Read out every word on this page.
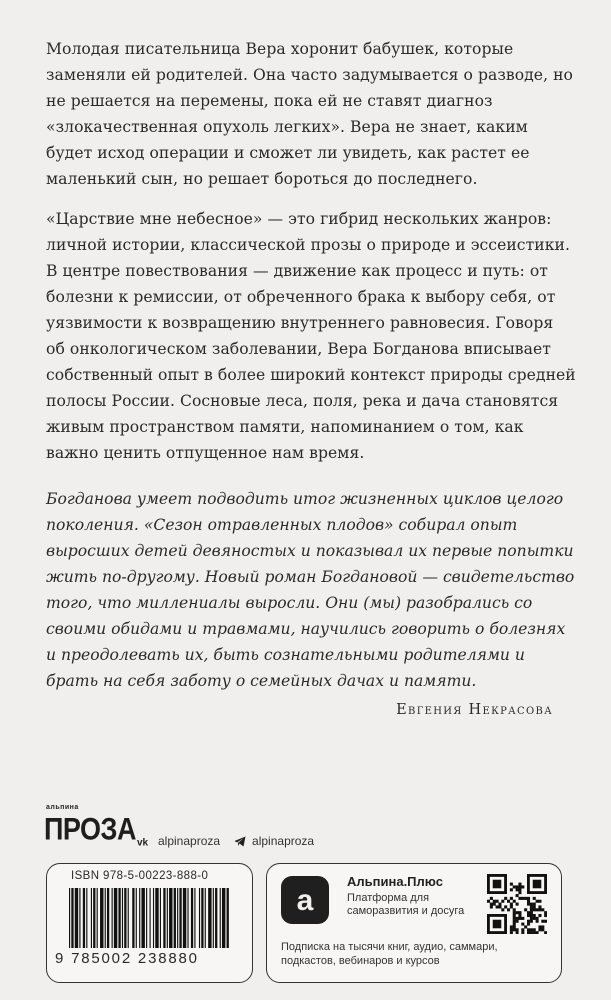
Молодая писательница Вера хоронит бабушек, которые заменяли ей родителей. Она часто задумывается о разводе, но не решается на перемены, пока ей не ставят диагноз «злокачественная опухоль легких». Вера не знает, каким будет исход операции и сможет ли увидеть, как растет ее маленький сын, но решает бороться до последнего.

«Царствие мне небесное» — это гибрид нескольких жанров: личной истории, классической прозы о природе и эссеистики. В центре повествования — движение как процесс и путь: от болезни к ремиссии, от обреченного брака к выбору себя, от уязвимости к возвращению внутреннего равновесия. Говоря об онкологическом заболевании, Вера Богданова вписывает собственный опыт в более широкий контекст природы средней полосы России. Сосновые леса, поля, река и дача становятся живым пространством памяти, напоминанием о том, как важно ценить отпущенное нам время.

Богданова умеет подводить итог жизненных циклов целого поколения. «Сезон отравленных плодов» собирал опыт выросших детей девяностых и показывал их первые попытки жить по-другому. Новый роман Богдановой — свидетельство того, что миллениалы выросли. Они (мы) разобрались со своими обидами и травмами, научились говорить о болезнях и преодолевать их, быть сознательными родителями и брать на себя заботу о семейных дачах и памяти.
Евгения Некрасова
альпина
ПРОЗА vk alpinaproza	alpinaproza
ISBN 978-5-00223-888-0
9 785002 238880
а
Альпина.Плюс
Платформа для саморазвития и досуга
Подписка на тысячи книг, аудио, саммари, подкастов, вебинаров и курсов
